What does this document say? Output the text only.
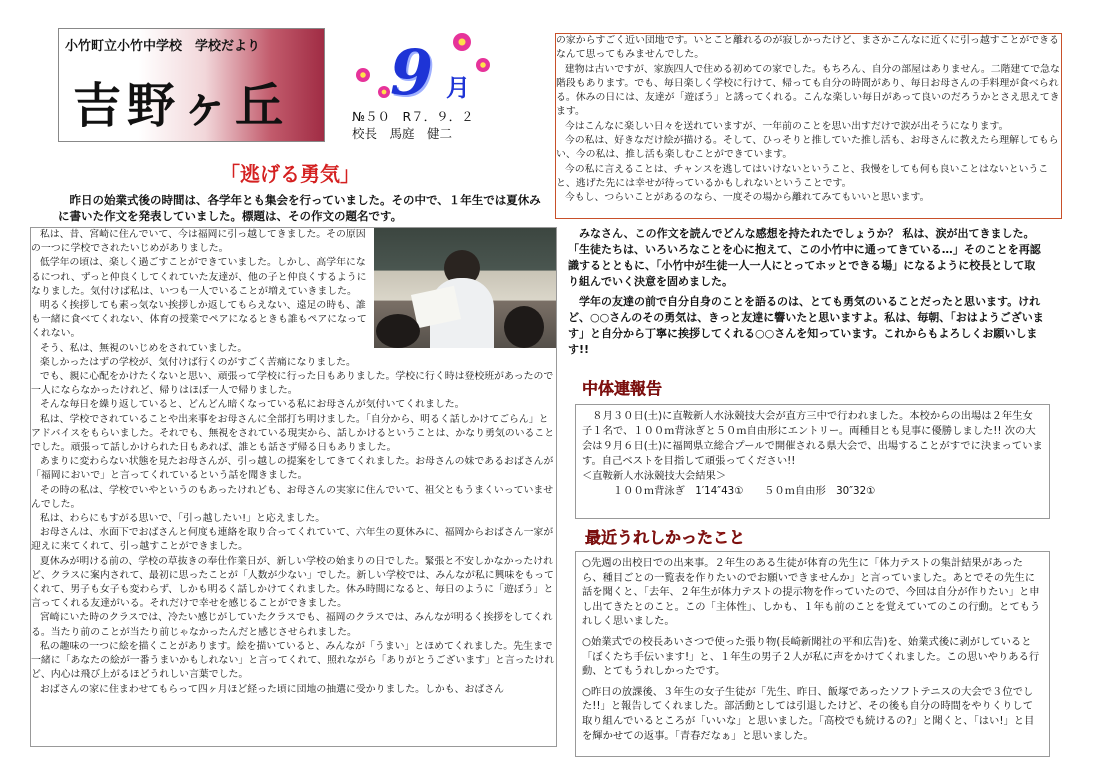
小竹町立小竹中学校　学校だより
吉野ヶ丘 9 月
№５０　R７．９．２
校長　馬庭　健二
「逃げる勇気」
昨日の始業式後の時間は、各学年とも集会を行っていました。その中で、１年生では夏休みに書いた作文を発表していました。標題は、その作文の題名です。

私は、昔、宮崎に住んでいて、今は福岡に引っ越してきました。その原因の一つに学校でされたいじめがありました。

低学年の頃は、楽しく過ごすことができていました。しかし、高学年になるにつれ、ずっと仲良くしてくれていた友達が、他の子と仲良くするようになりました。気付けば私は、いつも一人でいることが増えていきました。

明るく挨拶しても素っ気ない挨拶しか返してもらえない、遠足の時も、誰も一緒に食べてくれない、体育の授業でペアになるときも誰もペアになってくれない。

そう、私は、無視のいじめをされていました。

楽しかったはずの学校が、気付けば行くのがすごく苦痛になりました。

でも、親に心配をかけたくないと思い、頑張って学校に行った日もありました。学校に行く時は登校班があったので一人にならなかったけれど、帰りはほぼ一人で帰りました。

そんな毎日を繰り返していると、どんどん暗くなっている私にお母さんが気付いてくれました。

私は、学校でされていることや出来事をお母さんに全部打ち明けました。「自分から、明るく話しかけてごらん」とアドバイスをもらいました。それでも、無視をされている現実から、話しかけるということは、かなり勇気のいることでした。頑張って話しかけられた日もあれば、誰とも話さず帰る日もありました。

あまりに変わらない状態を見たお母さんが、引っ越しの提案をしてきてくれました。お母さんの妹であるおばさんが「福岡においで」と言ってくれているという話を聞きました。

その時の私は、学校でいやというのもあったけれども、お母さんの実家に住んでいて、祖父ともうまくいっていませんでした。

私は、わらにもすがる思いで、「引っ越したい!」と応えました。

お母さんは、水面下でおばさんと何度も連絡を取り合ってくれていて、六年生の夏休みに、福岡からおばさん一家が迎えに来てくれて、引っ越すことができました。

夏休みが明ける前の、学校の草抜きの奉仕作業日が、新しい学校の始まりの日でした。緊張と不安しかなかったけれど、クラスに案内されて、最初に思ったことが「人数が少ない」でした。新しい学校では、みんなが私に興味をもってくれて、男子も女子も変わらず、しかも明るく話しかけてくれました。休み時間になると、毎日のように「遊ぼう」と言ってくれる友達がいる。それだけで幸せを感じることができました。

宮崎にいた時のクラスでは、冷たい感じがしていたクラスでも、福岡のクラスでは、みんなが明るく挨拶をしてくれる。当たり前のことが当たり前じゃなかったんだと感じさせられました。

私の趣味の一つに絵を描くことがあります。絵を描いていると、みんなが「うまい」とほめてくれました。先生まで一緒に「あなたの絵が一番うまいかもしれない」と言ってくれて、照れながら「ありがとうございます」と言ったけれど、内心は飛び上がるほどうれしい言葉でした。

おばさんの家に住まわせてもらって四ヶ月ほど経った頃に団地の抽選に受かりました。しかも、おばさん

の家からすごく近い団地です。いとこと離れるのが寂しかったけど、まさかこんなに近くに引っ越すことができるなんて思ってもみませんでした。

建物は古いですが、家族四人で住める初めての家でした。もちろん、自分の部屋はありません。二階建てで急な階段もあります。でも、毎日楽しく学校に行けて、帰っても自分の時間があり、毎日お母さんの手料理が食べられる。休みの日には、友達が「遊ぼう」と誘ってくれる。こんな楽しい毎日があって良いのだろうかとさえ思えてきます。

今はこんなに楽しい日々を送れていますが、一年前のことを思い出すだけで涙が出そうになります。

今の私は、好きなだけ絵が描ける。そして、ひっそりと推していた推し活も、お母さんに教えたら理解してもらい、今の私は、推し活も楽しむことができています。

今の私に言えることは、チャンスを逃してはいけないということ、我慢をしても何も良いことはないということ、逃げた先には幸せが待っているかもしれないということです。

今もし、つらいことがあるのなら、一度その場から離れてみてもいいと思います。

みなさん、この作文を読んでどんな感想を持たれたでしょうか？ 私は、涙が出てきました。「生徒たちは、いろいろなことを心に抱えて、この小竹中に通ってきている…」そのことを再認識するとともに、「小竹中が生徒一人一人にとってホッとできる場」になるように校長として取り組んでいく決意を固めました。

学年の友達の前で自分自身のことを語るのは、とても勇気のいることだったと思います。けれど、○○さんのその勇気は、きっと友達に響いたと思いますよ。私は、毎朝、「おはようございます」と自分から丁寧に挨拶してくれる○○さんを知っています。これからもよろしくお願いします!!

中体連報告

　８月３０日(土)に直鞍新人水泳競技大会が直方三中で行われました。本校からの出場は２年生女子１名で、１００ｍ背泳ぎと５０ｍ自由形にエントリー。両種目とも見事に優勝しました!! 次の大会は９月６日(土)に福岡県立総合プールで開催される県大会で、出場することがすでに決まっています。自己ベストを目指して頑張ってください!!

＜直鞍新人水泳競技大会結果＞

　　　１００ｍ背泳ぎ　1′14″43①　　５０ｍ自由形　30″32①

最近うれしかったこと

○先週の出校日での出来事。２年生のある生徒が体育の先生に「体力テストの集計結果があったら、種目ごとの一覧表を作りたいのでお願いできませんか」と言っていました。あとでその先生に話を聞くと、「去年、２年生が体力テストの提示物を作っていたので、今回は自分が作りたい」と申し出てきたとのこと。この「主体性」、しかも、１年も前のことを覚えていてのこの行動。とてもうれしく思いました。

○始業式での校長あいさつで使った張り物(長崎新聞社の平和広告)を、始業式後に剥がしていると「ぼくたち手伝います!」と、１年生の男子２人が私に声をかけてくれました。この思いやりある行動、とてもうれしかったです。

○昨日の放課後、３年生の女子生徒が「先生、昨日、飯塚であったソフトテニスの大会で３位でした!!」と報告してくれました。部活動としては引退したけど、その後も自分の時間をやりくりして取り組んでいるところが「いいな」と思いました。「高校でも続けるの?」と聞くと、「はい!」と目を輝かせての返事。「青春だなぁ」と思いました。
